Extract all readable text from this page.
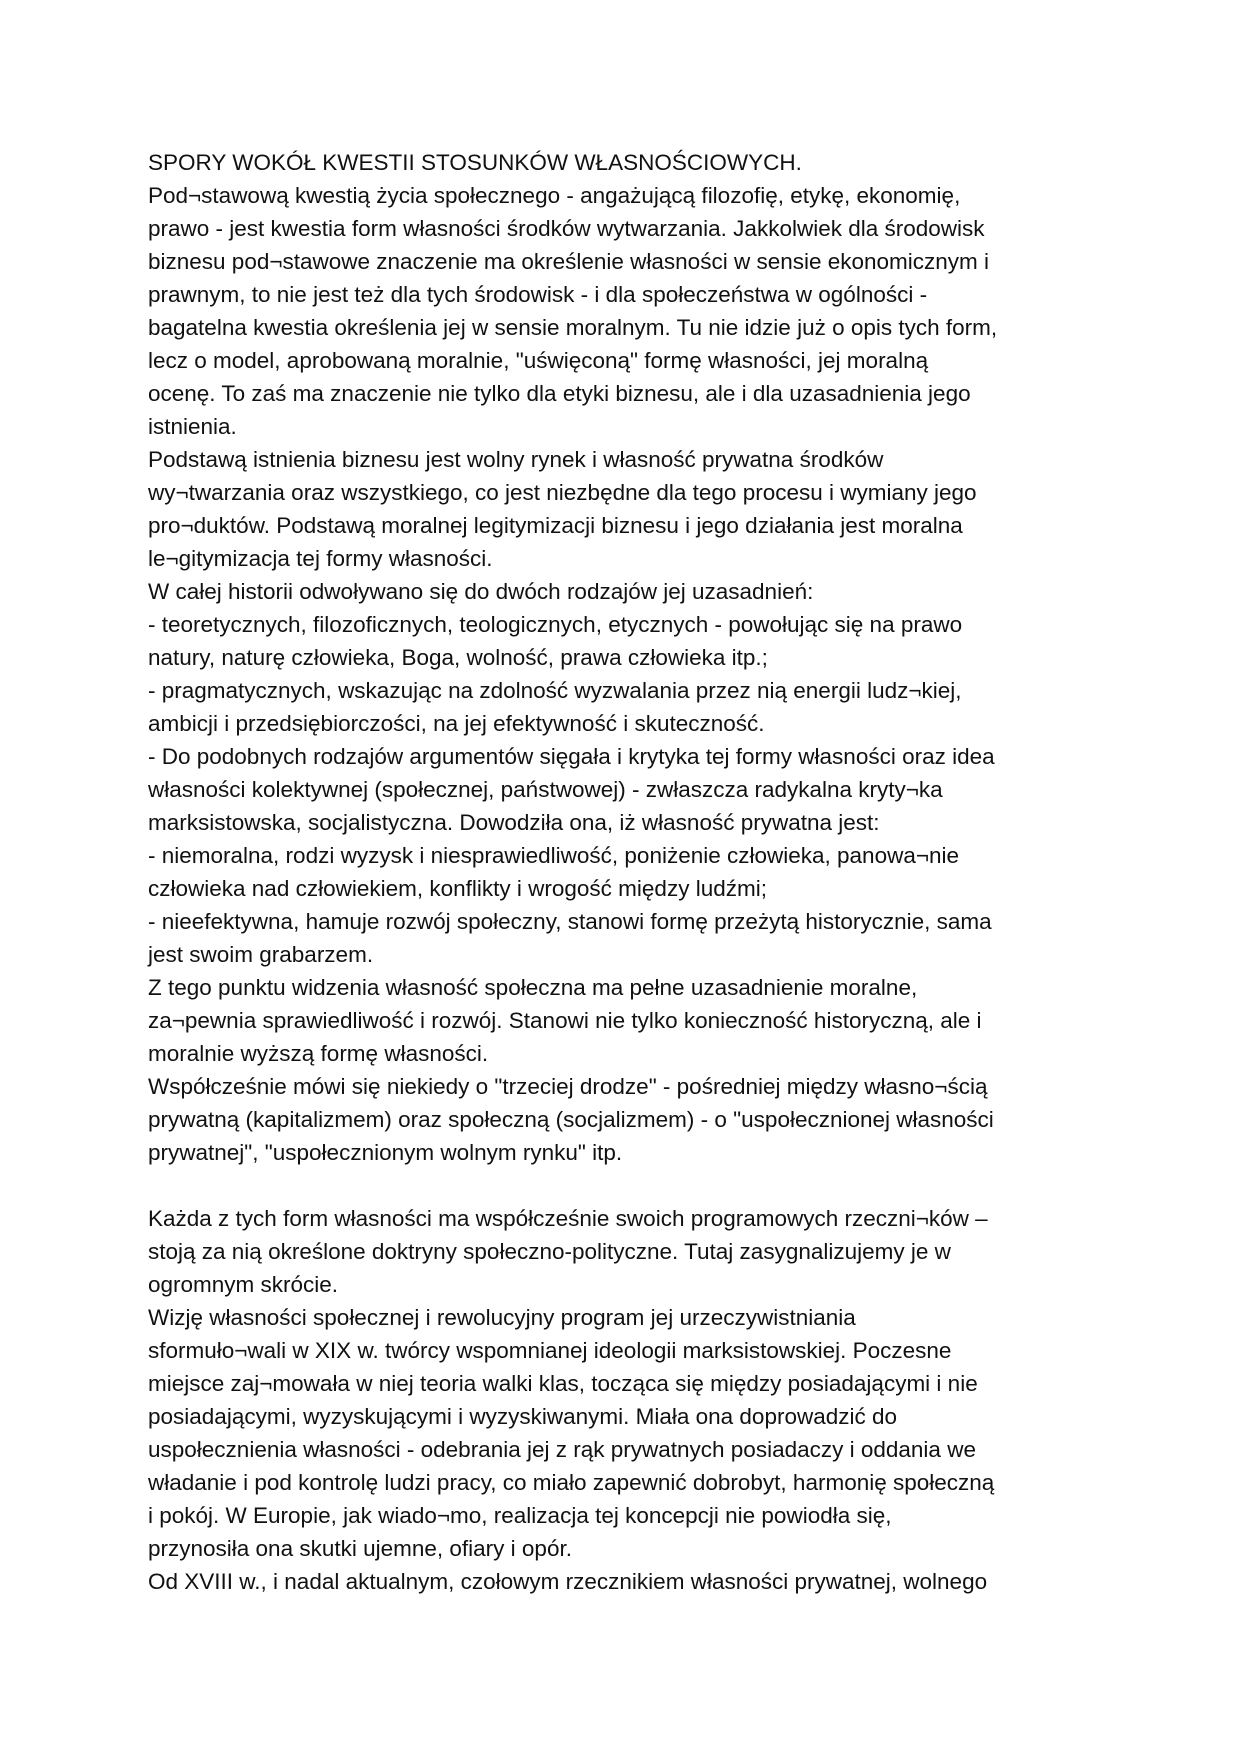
SPORY WOKÓŁ KWESTII STOSUNKÓW WŁASNOŚCIOWYCH.
Pod¬stawową kwestią życia społecznego - angażującą filozofię, etykę, ekonomię,
prawo - jest kwestia form własności środków wytwarzania. Jakkolwiek dla środowisk
biznesu pod¬stawowe znaczenie ma określenie własności w sensie ekonomicznym i
prawnym, to nie jest też dla tych środowisk - i dla społeczeństwa w ogólności -
bagatelna kwestia określenia jej w sensie moralnym. Tu nie idzie już o opis tych form,
lecz o model, aprobowaną moralnie, "uświęconą" formę własności, jej moralną
ocenę. To zaś ma znaczenie nie tylko dla etyki biznesu, ale i dla uzasadnienia jego
istnienia.
Podstawą istnienia biznesu jest wolny rynek i własność prywatna środków
wy¬twarzania oraz wszystkiego, co jest niezbędne dla tego procesu i wymiany jego
pro¬duktów. Podstawą moralnej legitymizacji biznesu i jego działania jest moralna
le¬gitymizacja tej formy własności.
W całej historii odwoływano się do dwóch rodzajów jej uzasadnień:
- teoretycznych, filozoficznych, teologicznych, etycznych - powołując się na prawo
natury, naturę człowieka, Boga, wolność, prawa człowieka itp.;
- pragmatycznych, wskazując na zdolność wyzwalania przez nią energii ludz¬kiej,
ambicji i przedsiębiorczości, na jej efektywność i skuteczność.
- Do podobnych rodzajów argumentów sięgała i krytyka tej formy własności oraz idea
własności kolektywnej (społecznej, państwowej) - zwłaszcza radykalna kryty¬ka
marksistowska, socjalistyczna. Dowodziła ona, iż własność prywatna jest:
- niemoralna, rodzi wyzysk i niesprawiedliwość, poniżenie człowieka, panowa¬nie
człowieka nad człowiekiem, konflikty i wrogość między ludźmi;
- nieefektywna, hamuje rozwój społeczny, stanowi formę przeżytą historycznie, sama
jest swoim grabarzem.
Z tego punktu widzenia własność społeczna ma pełne uzasadnienie moralne,
za¬pewnia sprawiedliwość i rozwój. Stanowi nie tylko konieczność historyczną, ale i
moralnie wyższą formę własności.
Współcześnie mówi się niekiedy o "trzeciej drodze" - pośredniej między własno¬ścią
prywatną (kapitalizmem) oraz społeczną (socjalizmem) - o "uspołecznionej własności
prywatnej", "uspołecznionym wolnym rynku" itp.
Każda z tych form własności ma współcześnie swoich programowych rzeczni¬ków –
stoją za nią określone doktryny społeczno-polityczne. Tutaj zasygnalizujemy je w
ogromnym skrócie.
Wizję własności społecznej i rewolucyjny program jej urzeczywistniania
sformuło¬wali w XIX w. twórcy wspomnianej ideologii marksistowskiej. Poczesne
miejsce zaj¬mowała w niej teoria walki klas, tocząca się między posiadającymi i nie
posiadającymi, wyzyskującymi i wyzyskiwanymi. Miała ona doprowadzić do
uspołecznienia własności - odebrania jej z rąk prywatnych posiadaczy i oddania we
władanie i pod kontrolę ludzi pracy, co miało zapewnić dobrobyt, harmonię społeczną
i pokój. W Europie, jak wiado¬mo, realizacja tej koncepcji nie powiodła się,
przynosiła ona skutki ujemne, ofiary i opór.
Od XVIII w., i nadal aktualnym, czołowym rzecznikiem własności prywatnej, wolnego
